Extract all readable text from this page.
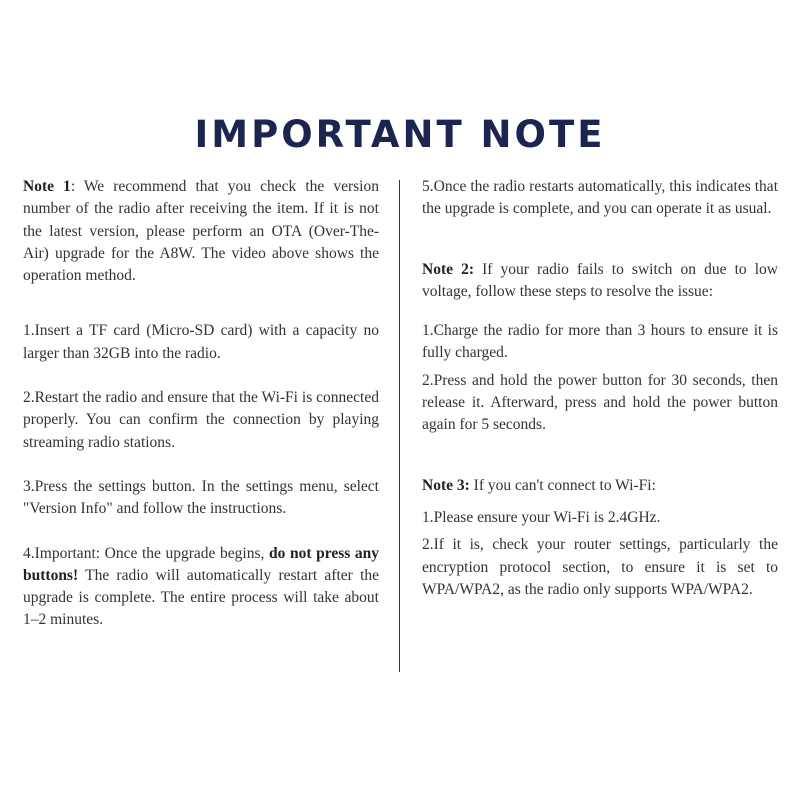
IMPORTANT NOTE

Note 1: We recommend that you check the version number of the radio after receiving the item. If it is not the latest version, please perform an OTA (Over-The-Air) upgrade for the A8W. The video above shows the operation method.

1.Insert a TF card (Micro-SD card) with a capacity no larger than 32GB into the radio.

2.Restart the radio and ensure that the Wi-Fi is connected properly. You can confirm the connection by playing streaming radio stations.

3.Press the settings button. In the settings menu, select "Version Info" and follow the instructions.

4.Important: Once the upgrade begins, do not press any buttons! The radio will automatically restart after the upgrade is complete. The entire process will take about 1–2 minutes.

5.Once the radio restarts automatically, this indicates that the upgrade is complete, and you can operate it as usual.

Note 2: If your radio fails to switch on due to low voltage, follow these steps to resolve the issue:

1.Charge the radio for more than 3 hours to ensure it is fully charged.

2.Press and hold the power button for 30 seconds, then release it. Afterward, press and hold the power button again for 5 seconds.

Note 3: If you can't connect to Wi-Fi:

1.Please ensure your Wi-Fi is 2.4GHz.

2.If it is, check your router settings, particularly the encryption protocol section, to ensure it is set to WPA/WPA2, as the radio only supports WPA/WPA2.
